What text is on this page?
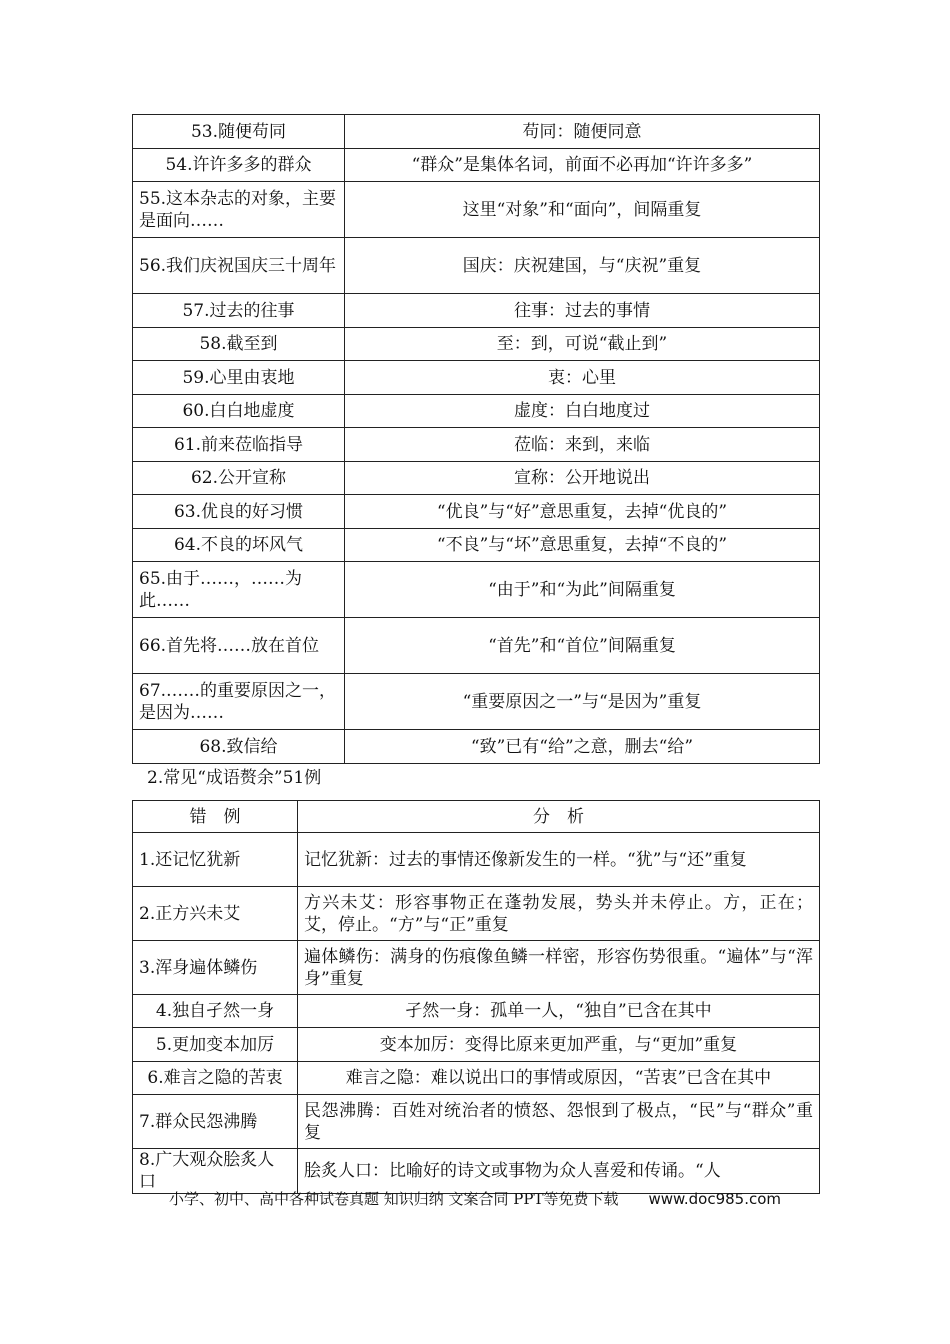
53.随便苟同	苟同：随便同意
54.许许多多的群众	“群众”是集体名词，前面不必再加“许许多多”
55.这本杂志的对象，主要是面向……	这里“对象”和“面向”，间隔重复
56.我们庆祝国庆三十周年	国庆：庆祝建国，与“庆祝”重复
57.过去的往事	往事：过去的事情
58.截至到	至：到，可说“截止到”
59.心里由衷地	衷：心里
60.白白地虚度	虚度：白白地度过
61.前来莅临指导	莅临：来到，来临
62.公开宣称	宣称：公开地说出
63.优良的好习惯	“优良”与“好”意思重复，去掉“优良的”
64.不良的坏风气	“不良”与“坏”意思重复，去掉“不良的”
65.由于……，……为此……	“由于”和“为此”间隔重复
66.首先将……放在首位	“首先”和“首位”间隔重复
67.……的重要原因之一，是因为……	“重要原因之一”与“是因为”重复
68.致信给	“致”已有“给”之意，删去“给”
2.常见“成语赘余”51例
错　例	分　析
1.还记忆犹新	记忆犹新：过去的事情还像新发生的一样。“犹”与“还”重复
2.正方兴未艾	方兴未艾：形容事物正在蓬勃发展，势头并未停止。方，正在；艾，停止。“方”与“正”重复
3.浑身遍体鳞伤	遍体鳞伤：满身的伤痕像鱼鳞一样密，形容伤势很重。“遍体”与“浑身”重复
4.独自孑然一身	孑然一身：孤单一人，“独自”已含在其中
5.更加变本加厉	变本加厉：变得比原来更加严重，与“更加”重复
6.难言之隐的苦衷	难言之隐：难以说出口的事情或原因，“苦衷”已含在其中
7.群众民怨沸腾	民怨沸腾：百姓对统治者的愤怒、怨恨到了极点，“民”与“群众”重复
8.广大观众脍炙人口	脍炙人口：比喻好的诗文或事物为众人喜爱和传诵。“人
小学、初中、高中各种试卷真题 知识归纳 文案合同 PPT等免费下载 www.doc985.com
